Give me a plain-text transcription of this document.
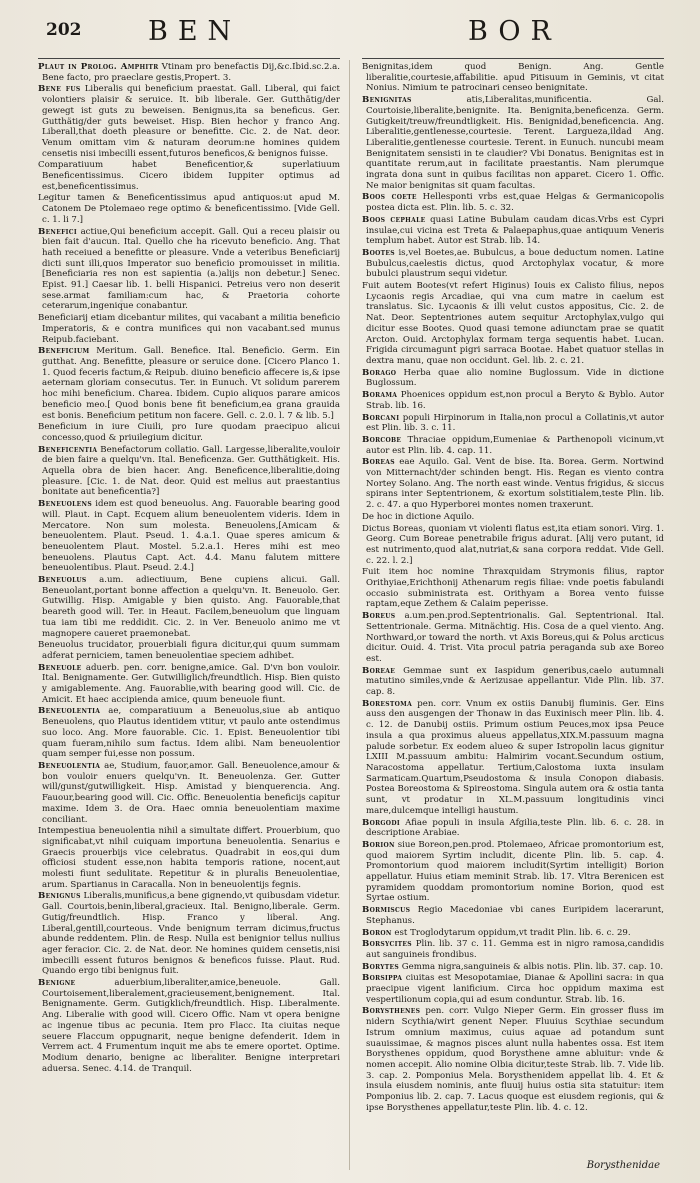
202 BEN	BOR

Plaut in Prolog. Amphitr Vtinam pro benefactis Dij,&c.Ibid.sc.2.a. Bene facto, pro praeclare gestis,Propert. 3.

Bene fus Liberalis qui beneficium praestat. Gall. Liberal, qui faict volontiers plaisir & seruice. It. bib liberale. Ger. Gutthätig/der gewegt ist guts zu beweisen. Benignus,ita sa beneficus. Ger. Gutthätig/der guts beweiset. Hisp. Bien hechor y franco Ang. Liberall,that doeth pleasure or benefitte. Cic. 2. de Nat. deor. Venum omittam vim & naturam deorum:ne homines quidem censetis nisi imbecilli essent,futuros beneficos,& benignos fuisse.

Comparatiuum habet Beneficentior,& superlatiuum Beneficentissimus. Cicero ibidem Iuppiter optimus ad est,beneficentissimus.

Legitur tamen & Beneficentissimus apud antiquos:ut apud M. Catonem De Ptolemaeo rege optimo & beneficentissimo. [Vide Gell. c. 1. li 7.]

Benefici actiue,Qui beneficium accepit. Gall. Qui a receu plaisir ou bien fait d'aucun. Ital. Quello che ha ricevuto beneficio. Ang. That hath receiued a benefitte or pleasure. Vnde a veteribus Beneficiarij dicti sunt illi,quos Imperator suo beneficio promouisset in militia. [Beneficiaria res non est sapientia (a.)alijs non debetur.] Senec. Epist. 91.] Caesar lib. 1. belli Hispanici. Petreius vero non deserit sese.armat familiam:cum hac, & Praetoria cohorte ceterarum,ingenique conabantur.

Beneficiarij etiam dicebantur milites, qui vacabant a militia beneficio Imperatoris, & e contra munifices qui non vacabant.sed munus Reipub.faciebant.

Beneficium Meritum. Gall. Benefice. Ital. Beneficio. Germ. Ein gutthat. Ang. Benefitte, pleasure or seruice done. [Cicero Planco 1. 1. Quod feceris factum,& Reipub. diuino beneficio affecere is,& ipse aeternam gloriam consecutus. Ter. in Eunuch. Vt solidum parerem hoc mihi beneficium. Charea. Ibidem. Cupio aliquos parare amicos beneficio meo.[ Quod bonis bene fit beneficium,ea grana grauida est bonis. Beneficium petitum non facere. Gell. c. 2.0. l. 7 & lib. 5.]

Beneficium in iure Ciuili, pro Iure quodam praecipuo alicui concesso,quod & priuilegium dicitur.

Beneficentia Benefactorum collatio. Gall. Largesse,liberalite,vouloir de bien faire a quelqu'vn. Ital. Beneficenza. Ger. Gutthätigkeit. His. Aquella obra de bien hacer. Ang. Beneficence,liberalitie,doing pleasure. [Cic. 1. de Nat. deor. Quid est melius aut praestantius bonitate aut beneficentia?]

Beneuolens idem est quod beneuolus. Ang. Fauorable bearing good will. Plaut. in Capt. Ecquem alium beneuolentem videris. Idem in Mercatore. Non sum molesta. Beneuolens,[Amicam & beneuolentem. Plaut. Pseud. 1. 4.a.1. Quae speres amicum & beneuolentem Plaut. Mostel. 5.2.a.1. Heres mihi est meo beneuolens. Plautus Capt. Act. 4.4. Manu falutem mittere beneuolentibus. Plaut. Pseud. 2.4.]

Beneuolus a.um. adiectiuum, Bene cupiens alicui. Gall. Beneuolant,portant bonne affection a quelqu'vn. It. Beneuolo. Ger. Gutwillig. Hisp. Amigable y bien quisto. Ang. Fauorable,that beareth good will. Ter. in Heaut. Facilem,beneuolum que linguam tua iam tibi me reddidit. Cic. 2. in Ver. Beneuolo animo me vt magnopere caueret praemonebat.

Beneuolus trucidator, prouerbiali figura dicitur,qui quum summam adferat perniciem, tamen beneuolentiae speciem adhibet.

Beneuole aduerb. pen. corr. benigne,amice. Gal. D'vn bon vouloir. Ital. Benignamente. Ger. Gutwilliglich/freundtlich. Hisp. Bien quisto y amigablemente. Ang. Fauorablie,with bearing good will. Cic. de Amicit. Et haec accipienda amice, quum beneuole fiunt.

Beneuolentia ae, comparatiuum a Beneuolus,siue ab antiquo Beneuolens, quo Plautus identidem vtitur, vt paulo ante ostendimus suo loco. Ang. More fauorable. Cic. 1. Epist. Beneuolentior tibi quam fueram,nihilo sum factus. Idem alibi. Nam beneuolentior quam semper fui,esse non possum.

Beneuolentia ae, Studium, fauor,amor. Gall. Beneuolence,amour & bon vouloir enuers quelqu'vn. It. Beneuolenza. Ger. Gutter will/gunst/gutwilligkeit. Hisp. Amistad y bienquerencia. Ang. Fauour,bearing good will. Cic. Offic. Beneuolentia beneficijs capitur maxime. Idem 3. de Ora. Haec omnia beneuolentiam maxime conciliant.

Intempestiua beneuolentia nihil a simultate differt. Prouerbium, quo significabat,vt nihil cuiquam importuna beneuolentia. Senarius e Graecis prouerbijs vice celebratus. Quadrabit in eos,qui dum officiosi student esse,non habita temporis ratione, nocent,aut molesti fiunt sedulitate. Repetitur & in pluralis Beneuolentiae, arum. Spartianus in Caracalla. Non in beneuolentijs fegnis.

Benignus Liberalis,munificus,a bene gignendo,vt quibusdam videtur. Gall. Courtois,benin,liberal,gracieux. Ital. Benigno,liberale. Germ. Gutig/freundtlich. Hisp. Franco y liberal. Ang. Liberal,gentill,courteous. Vnde benignum terram dicimus,fructus abunde reddentem. Plin. de Resp. Nulla est benignior tellus nullius ager feracior. Cic. 2. de Nat. deor. Ne homines quidem censetis,nisi imbecilli essent futuros benignos & beneficos fuisse. Plaut. Rud. Quando ergo tibi benignus fuit.

Benigne	aduerbium,liberaliter,amice,beneuole. Gall. Courtoisement,liberalement,gracieusement,benignement. Ital. Benignamente. Germ. Gutigklich/freundtlich. Hisp. Liberalmente. Ang. Liberalie with good will. Cicero Offic. Nam vt opera benigne ac ingenue tibus ac pecunia. Item pro Flacc. Ita ciuitas neque seuere Flaccum oppugnarit, neque benigne defenderit. Idem in Verrem act. 4 Frumentum inquit me abs te emere oportet. Optime. Modium denario, benigne ac liberaliter. Benigne interpretari aduersa. Senec. 4.14. de Tranquil.

Benignitas,idem quod Benign. Ang. Gentle liberalitie,courtesie,affabilitie. apud Pitisuum in Geminis, vt citat Nonius. Nimium te patrocinari censeo benignitate.

Benignitas	atis,Liberalitas,munificentia. Gal. Courtoisie,liberalite,benignite. Ita. Benignita,beneficenza. Germ. Gutigkeit/treuw/freundtligkeit. His. Benignidad,beneficencia. Ang. Liberalitie,gentlenesse,courtesie. Terent. Largueza,ildad Ang. Liberalitie,gentlenesse courtesie. Terent. in Eunuch. nuncubi meam Benignitatem sensisti in te claudier? Vbi Donatus. Benignitas est in quantitate rerum,aut in facilitate praestantis. Nam plerumque ingrata dona sunt in quibus facilitas non apparet. Cicero 1. Offic. Ne maior benignitas sit quam facultas.

Boos coete Hellesponti vrbs est,quae Helgas & Germanicopolis postea dicta est. Plin. lib. 5. c. 32.

Boos cephale quasi Latine Bubulam caudam dicas.Vrbs est Cypri insulae,cui vicina est Treta & Palaepaphus,quae antiquum Veneris templum habet. Autor est Strab. lib. 14.

Bootes is,vel Boetes,ae. Bubulcus, a boue deductum nomen. Latine Bubulcus,caelestis dictus, quod Arctophylax vocatur, & more bubulci plaustrum sequi videtur.

Fuit autem Bootes(vt refert Higinus) Iouis ex Calisto filius, nepos Lycaonis regis Arcadiae, qui vna cum matre in caelum est translatus. Sic. Lycaonis & illi velut custos appositus, Cic. 2. de Nat. Deor. Septentriones autem sequitur Arctophylax,vulgo qui dicitur esse Bootes. Quod quasi temone adiunctam prae se quatit Arcton. Ouid. Arctophylax formam terga sequentis habet. Lucan. Frigida circumagunt pigri sarraca Bootae. Habet quatuor stellas in dextra manu, quae non occidunt. Gel. lib. 2. c. 21.

Borago Herba quae alio nomine Buglossum. Vide in dictione Buglossum.

Borama Phoenices oppidum est,non procul a Beryto & Byblo. Autor Strab. lib. 16.

Borcani populi Hirpinorum in Italia,non procul a Collatinis,vt autor est Plin. lib. 3. c. 11.

Borcobe Thraciae oppidum,Eumeniae & Parthenopoli vicinum,vt autor est Plin. lib. 4. cap. 11.

Boreas eae Aquilo. Gal. Vent de bise. Ita. Borea. Germ. Nortwind von Mitternacht/der schinden bengt. His. Regan es viento contra Nortey Solano. Ang. The north east winde. Ventus frigidus, & siccus spirans inter Septentrionem, & exortum solstitialem,teste Plin. lib. 2. c. 47. a quo Hyperborei montes nomen traxerunt.

De hoc in dictione Aquilo.

Dictus Boreas, quoniam vt violenti flatus est,ita etiam sonori. Virg. 1. Georg. Cum Boreae penetrabile frigus adurat. [Alij vero putant, id est nutrimento,quod alat,nutriat,& sana corpora reddat. Vide Gell. c. 22. l. 2.]

Fuit item hoc nomine Thraxquidam Strymonis filius, raptor Orithyiae,Erichthonij Athenarum regis filiae: vnde poetis fabulandi occasio subministrata est. Orithyam a Borea vento fuisse raptam,eque Zethem & Calaim peperisse.

Boreus a.um.pen.prod.Septentrionalis. Gal. Septentrional. Ital. Settentrionale. Germa. Mitnächtig. His. Cosa de a quel viento. Ang. Northward,or toward the north. vt Axis Boreus,qui & Polus arcticus dicitur. Ouid. 4. Trist. Vita procul patria peraganda sub axe Boreo est.

Boreae Gemmae sunt ex Iaspidum generibus,caelo autumnali matutino similes,vnde & Aerizusae appellantur. Vide Plin. lib. 37. cap. 8.

Borestoma pen. corr. Vnum ex ostiis Danubij fluminis. Ger. Eins auss den ausgengen der Thonaw in das Euxinisch meer Plin. lib. 4. c. 12. de Danubij ostiis. Primum ostium Peuces,mox ipsa Peuce insula a qua proximus alueus appellatus,XIX.M.passuum magna palude sorbetur. Ex eodem alueo & super Istropolin lacus gignitur LXIII M.passuum ambitu: Halmirim vocant.Secundum ostium, Naracostoma appellatur. Tertium,Calostoma iuxta insulam Sarmaticam.Quartum,Pseudostoma & insula Conopon diabasis. Postea Boreostoma & Spireostoma. Singula autem ora & ostia tanta sunt, vt prodatur in XL.M.passuum longitudinis vinci mare,dulcemque intelligi haustum.

Borgodi Afiae populi in insula Afgilia,teste Plin. lib. 6. c. 28. in descriptione Arabiae.

Borion siue Boreon,pen.prod. Ptolemaeo, Africae promontorium est, quod maiorem Syrtim includit, dicente Plin. lib. 5. cap. 4. Promontorium quod maiorem includit(Syrtim intelligit) Borion appellatur. Huius etiam meminit Strab. lib. 17. Vltra Berenicen est pyramidem quoddam promontorium nomine Borion, quod est Syrtae ostium.

Bormiscus Regio Macedoniae vbi canes Euripidem lacerarunt, Stephanus.

Boron est Troglodytarum oppidum,vt tradit Plin. lib. 6. c. 29.

Borsycites Plin. lib. 37 c. 11. Gemma est in nigro ramosa,candidis aut sanguineis frondibus.

Borytes Gemma nigra,sanguineis & albis notis. Plin. lib. 37. cap. 10.

Borsippa ciuitas est Mesopotamiae, Dianae & Apollini sacra: in qua praecipue vigent lanificium. Circa hoc oppidum maxima est vespertilionum copia,qui ad esum conduntur. Strab. lib. 16.

Borysthenes pen. corr. Vulgo Nieper Germ. Ein grosser fluss im nidern Scythia/wirt genent Neper. Fluuius Scythiae secundum Istrum omnium maximus, cuius aquae ad potandum sunt suauissimae, & magnos pisces alunt nulla habentes ossa. Est item Borysthenes oppidum, quod Borysthene amne abluitur: vnde & nomen accepit. Alio nomine Olbia dicitur,teste Strab. lib. 7. Vide lib. 3. cap. 2. Pomponius Mela. Borysthenidem appellat lib. 4. Et & insula eiusdem nominis, ante fluuij huius ostia sita statuitur: item Pomponius lib. 2. cap. 7. Lacus quoque est eiusdem regionis, qui & ipse Borysthenes appellatur,teste Plin. lib. 4. c. 12.

Borysthenidae
